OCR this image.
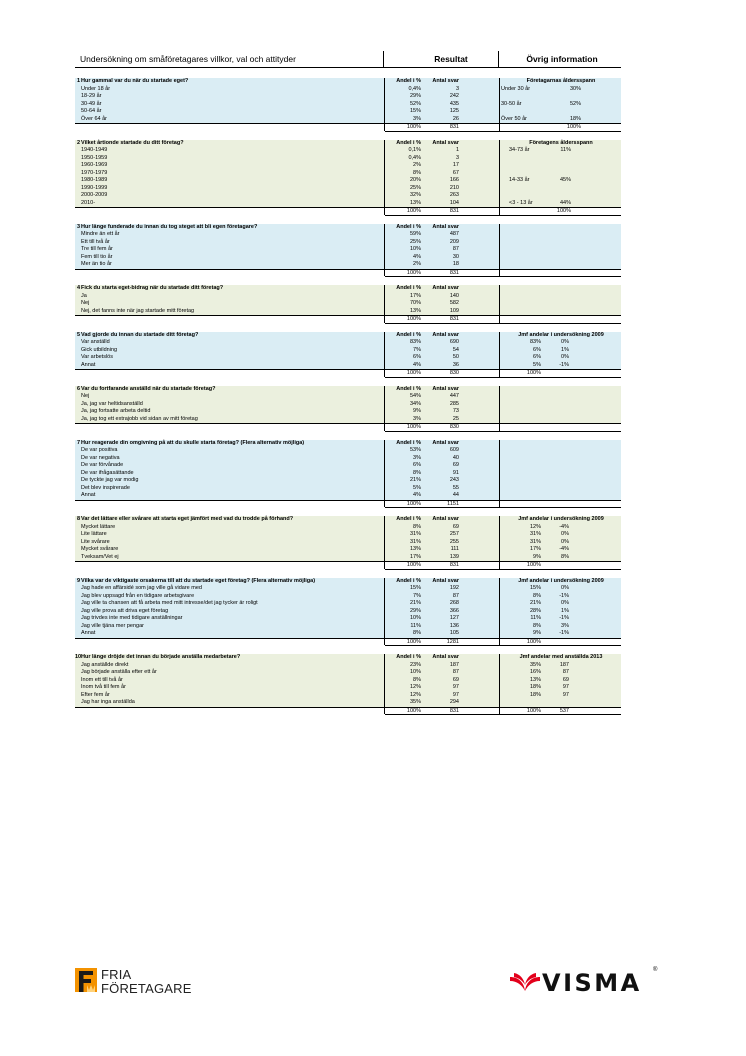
Undersökning om småföretagares villkor, val och attityder	Resultat	Övrig information
1 Hur gammal var du när du startade eget?	Andel i %	Antal svar	Företagarnas åldersspann
Under 18 år	0,4%	3	Under 30 år	30%
18-29 år	29%	242
30-49 år	52%	435	30-50 år	52%
50-64 år	15%	125
Över 64 år	3%	26	Över 50 år	18%
100%	831	100%
2 Vilket årtionde startade du ditt företag?	Andel i %	Antal svar	Företagens åldersspann
1940-1949	0,1%	1	34-73 år	11%
1950-1959	0,4%	3
1960-1969	2%	17
1970-1979	8%	67
1980-1989	20%	166	14-33 år	45%
1990-1999	25%	210
2000-2009	32%	263
2010-	13%	104	<3 - 13 år	44%
100%	831	100%
3 Hur länge funderade du innan du tog steget att bli egen företagare?	Andel i %	Antal svar
Mindre än ett år	59%	487
Ett till två år	25%	209
Tre till fem år	10%	87
Fem till tio år	4%	30
Mer än tio år	2%	18
100%	831
4 Fick du starta eget-bidrag när du startade ditt företag?	Andel i %	Antal svar
Ja	17%	140
Nej	70%	582
Nej, det fanns inte när jag startade mitt företag	13%	109
100%	831
5 Vad gjorde du innan du startade ditt företag?	Andel i %	Antal svar	Jmf andelar i undersökning 2009
Var anställd	83%	690	83%	0%
Gick utbildning	7%	54	6%	1%
Var arbetslös	6%	50	6%	0%
Annat	4%	36	5%	-1%
100%	830	100%
6 Var du fortfarande anställd när du startade företag?	Andel i %	Antal svar
Nej	54%	447
Ja, jag var heltidsanställd	34%	285
Ja, jag fortsatte arbeta deltid	9%	73
Ja, jag tog ett extrajobb vid sidan av mitt företag	3%	25
100%	830
7 Hur reagerade din omgivning på att du skulle starta företag? (Flera alternativ möjliga)	Andel i %	Antal svar
De var positiva	53%	609
De var negativa	3%	40
De var förvånade	6%	69
De var ifrågasättande	8%	91
De tyckte jag var modig	21%	243
Det blev inspirerade	5%	55
Annat	4%	44
100%	1151
8 Var det lättare eller svårare att starta eget jämfört med vad du trodde på förhand?	Andel i %	Antal svar	Jmf andelar i undersökning 2009
Mycket lättare	8%	69	12%	-4%
Lite lättare	31%	257	31%	0%
Lite svårare	31%	255	31%	0%
Mycket svårare	13%	111	17%	-4%
Tveksam/Vet ej	17%	139	9%	8%
100%	831	100%
9 Vilka var de viktigaste orsakerna till att du startade eget företag? (Flera alternativ möjliga)	Andel i %	Antal svar	Jmf andelar i undersökning 2009
Jag hade en affärsidé som jag ville gå vidare med	15%	192	15%	0%
Jag blev uppsagd från en tidigare arbetsgivare	7%	87	8%	-1%
Jag ville ta chansen att få arbeta med mitt intresse/det jag tycker är roligt	21%	268	21%	0%
Jag ville prova att driva eget företag	29%	366	28%	1%
Jag trivdes inte med tidigare anställningar	10%	127	11%	-1%
Jag ville tjäna mer pengar	11%	136	8%	3%
Annat	8%	105	9%	-1%
100%	1281	100%
10 Hur länge dröjde det innan du började anställa medarbetare?	Andel i %	Antal svar	Jmf andelar med anställda 2013
Jag anställde direkt	23%	187	35%	187
Jag började anställa efter ett år	10%	87	16%	87
Inom ett till två år	8%	69	13%	69
Inom två till fem år	12%	97	18%	97
Efter fem år	12%	97	18%	97
Jag har inga anställda	35%	294
100%	831	100%	537
FRIA
FÖRETAGARE	VISMA ®
